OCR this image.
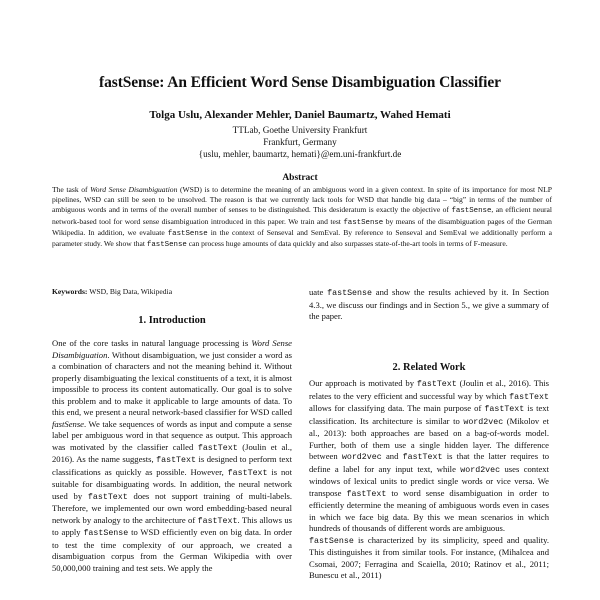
fastSense: An Efficient Word Sense Disambiguation Classifier
Tolga Uslu, Alexander Mehler, Daniel Baumartz, Wahed Hemati
TTLab, Goethe University Frankfurt
Frankfurt, Germany
{uslu, mehler, baumartz, hemati}@em.uni-frankfurt.de
Abstract

The task of Word Sense Disambiguation (WSD) is to determine the meaning of an ambiguous word in a given context. In spite of its importance for most NLP pipelines, WSD can still be seen to be unsolved. The reason is that we currently lack tools for WSD that handle big data – “big” in terms of the number of ambiguous words and in terms of the overall number of senses to be distinguished. This desideratum is exactly the objective of fastSense, an efficient neural network-based tool for word sense disambiguation introduced in this paper. We train and test fastSense by means of the disambiguation pages of the German Wikipedia. In addition, we evaluate fastSense in the context of Senseval and SemEval. By reference to Senseval and SemEval we additionally perform a parameter study. We show that fastSense can process huge amounts of data quickly and also surpasses state-of-the-art tools in terms of F-measure.

Keywords: WSD, Big Data, Wikipedia
1. Introduction

One of the core tasks in natural language processing is Word Sense Disambiguation. Without disambiguation, we just consider a word as a combination of characters and not the meaning behind it. Without properly disambiguating the lexical constituents of a text, it is almost impossible to process its content automatically. Our goal is to solve this problem and to make it applicable to large amounts of data. To this end, we present a neural network-based classifier for WSD called fastSense. We take sequences of words as input and compute a sense label per ambiguous word in that sequence as output. This approach was motivated by the classifier called fastText (Joulin et al., 2016). As the name suggests, fastText is designed to perform text classifications as quickly as possible. However, fastText is not suitable for disambiguating words. In addition, the neural network used by fastText does not support training of multi-labels. Therefore, we implemented our own word embedding-based neural network by analogy to the architecture of fastText. This allows us to apply fastSense to WSD efficiently even on big data. In order to test the time complexity of our approach, we created a disambiguation corpus from the German Wikipedia with over 50,000,000 training and test sets. We apply the

uate fastSense and show the results achieved by it. In Section 4.3., we discuss our findings and in Section 5., we give a summary of the paper.

2. Related Work

Our approach is motivated by fastText (Joulin et al., 2016). This relates to the very efficient and successful way by which fastText allows for classifying data. The main purpose of fastText is text classification. Its architecture is similar to word2vec (Mikolov et al., 2013): both approaches are based on a bag-of-words model. Further, both of them use a single hidden layer. The difference between word2vec and fastText is that the latter requires to define a label for any input text, while word2vec uses context windows of lexical units to predict single words or vice versa. We transpose fastText to word sense disambiguation in order to efficiently determine the meaning of ambiguous words even in cases in which we face big data. By this we mean scenarios in which hundreds of thousands of different words are ambiguous.

fastSense is characterized by its simplicity, speed and quality. This distinguishes it from similar tools. For instance, (Mihalcea and Csomai, 2007; Ferragina and Scaiella, 2010; Ratinov et al., 2011; Bunescu et al., 2011)
